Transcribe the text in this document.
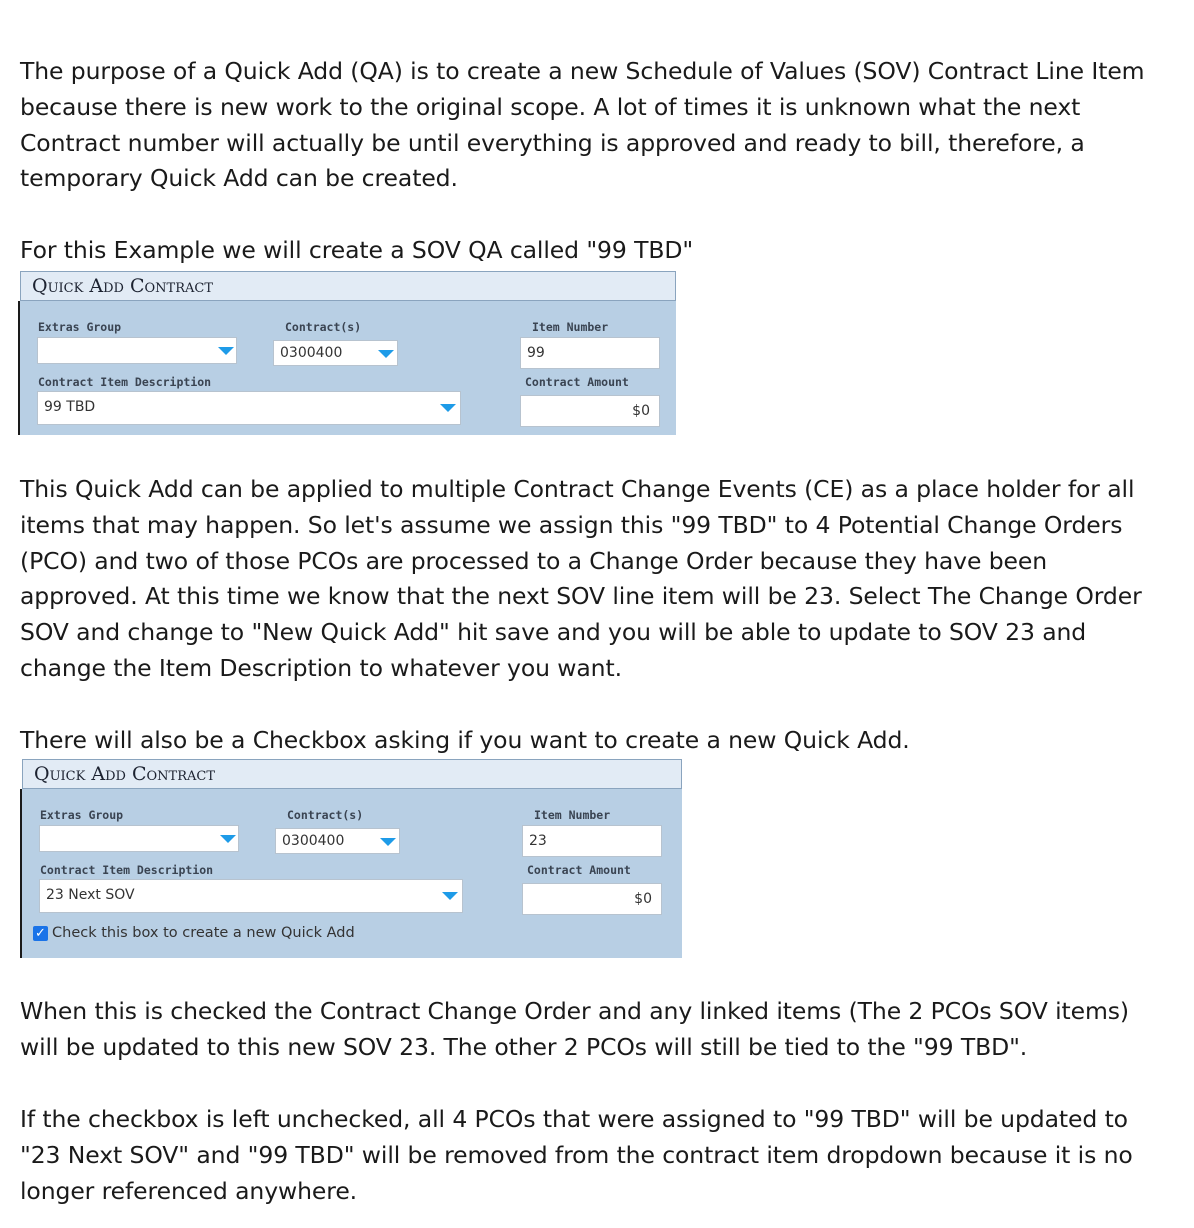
The purpose of a Quick Add (QA) is to create a new Schedule of Values (SOV) Contract Line Item
because there is new work to the original scope. A lot of times it is unknown what the next
Contract number will actually be until everything is approved and ready to bill, therefore, a
temporary Quick Add can be created.
For this Example we will create a SOV QA called "99 TBD"
Quick Add Contract
Extras Group	Contract(s)
0300400
Item Number
99
Contract Item Description
99 TBD
Contract Amount
$0
This Quick Add can be applied to multiple Contract Change Events (CE) as a place holder for all
items that may happen. So let's assume we assign this "99 TBD" to 4 Potential Change Orders
(PCO) and two of those PCOs are processed to a Change Order because they have been
approved. At this time we know that the next SOV line item will be 23. Select The Change Order
SOV and change to "New Quick Add" hit save and you will be able to update to SOV 23 and
change the Item Description to whatever you want.
There will also be a Checkbox asking if you want to create a new Quick Add.
Quick Add Contract
Extras Group	Contract(s)
0300400
Item Number
23
Contract Item Description
23 Next SOV
Contract Amount
$0
✓ Check this box to create a new Quick Add
When this is checked the Contract Change Order and any linked items (The 2 PCOs SOV items)
will be updated to this new SOV 23. The other 2 PCOs will still be tied to the "99 TBD".
If the checkbox is left unchecked, all 4 PCOs that were assigned to "99 TBD" will be updated to
"23 Next SOV" and "99 TBD" will be removed from the contract item dropdown because it is no
longer referenced anywhere.
